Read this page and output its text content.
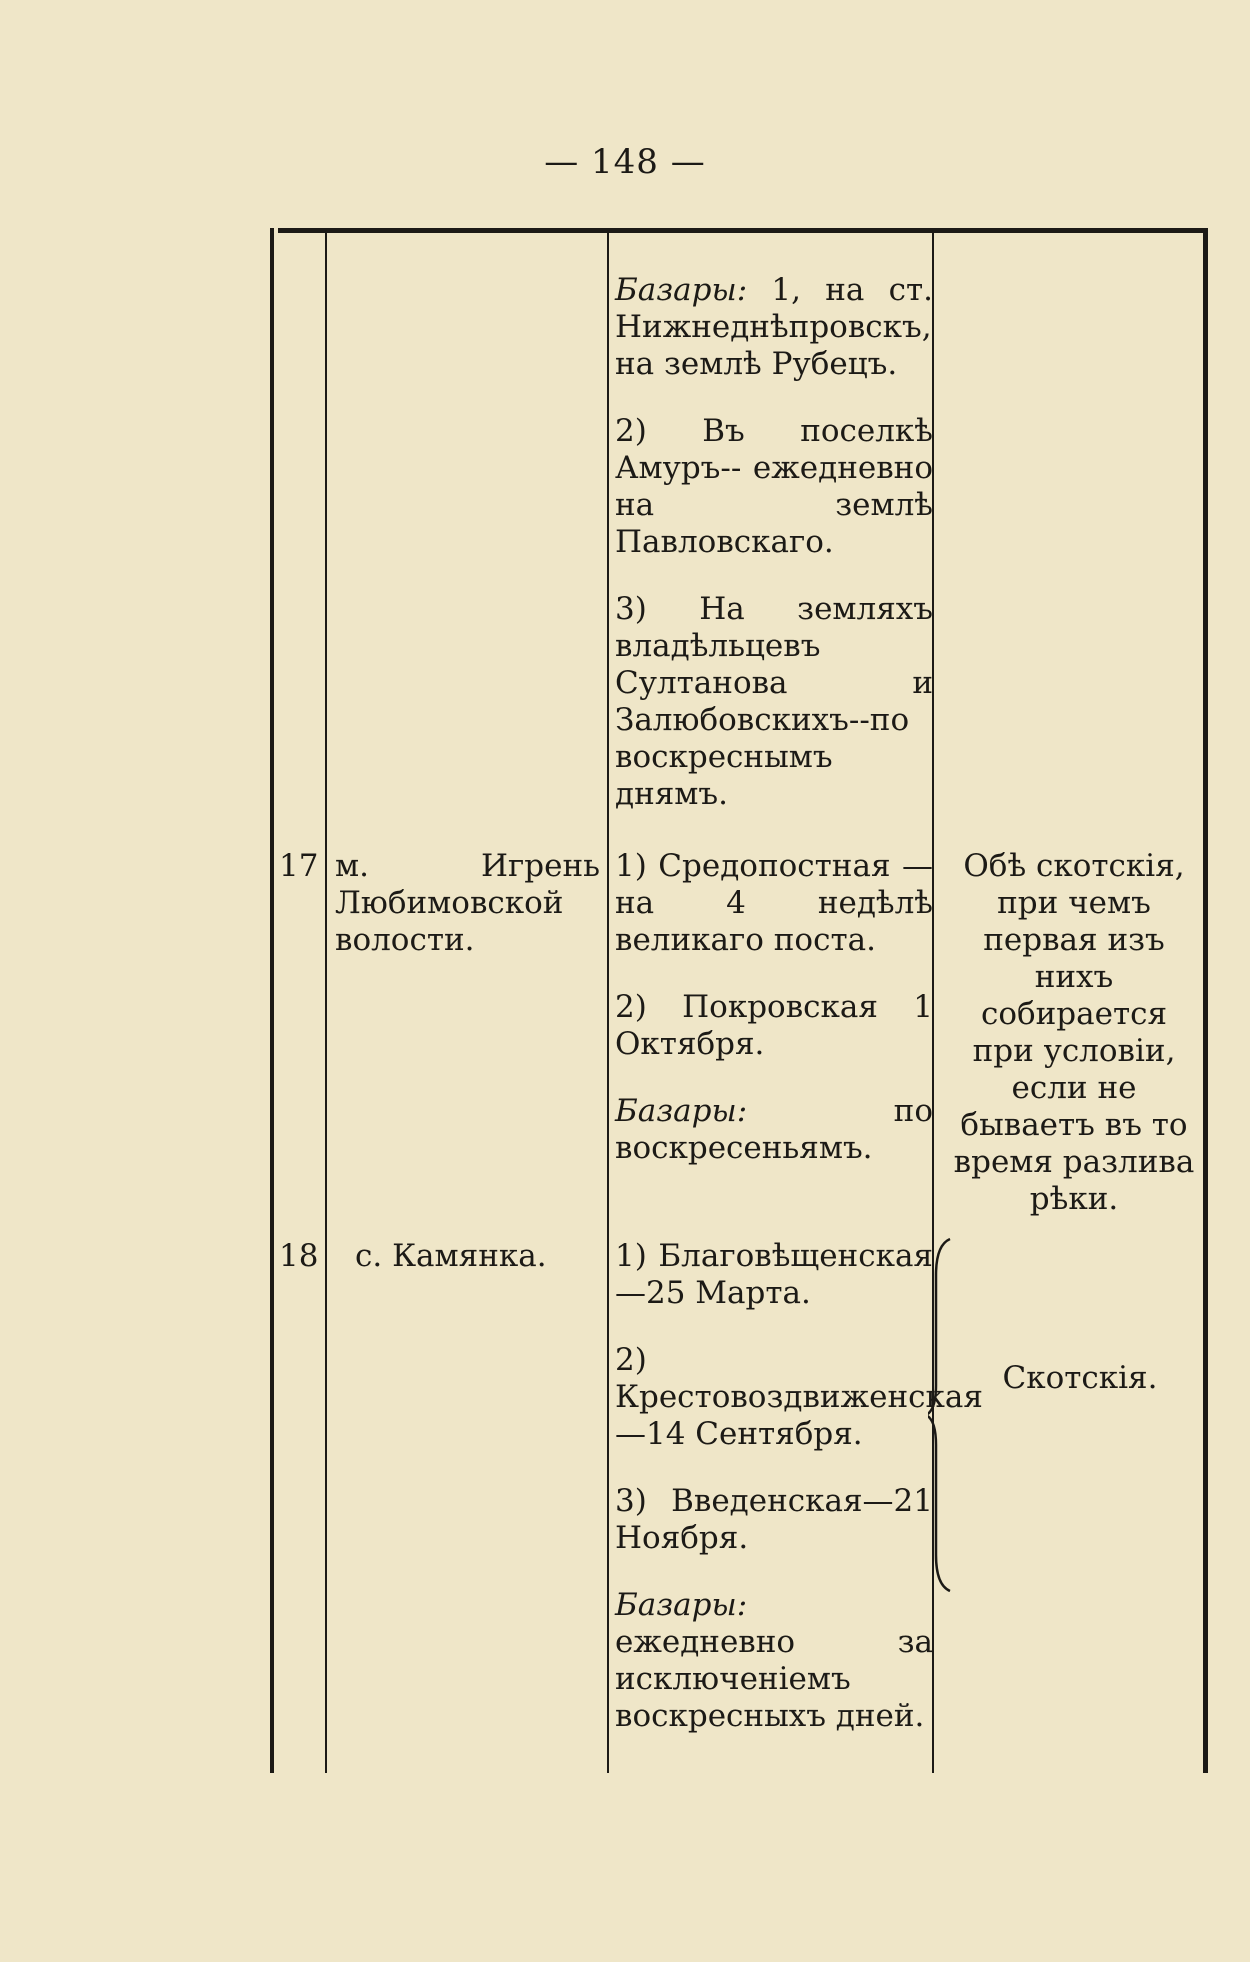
— 148 —

Базары: 1, на ст. Нижнеднѣпровскъ, на землѣ Рубецъ.

2) Въ поселкѣ Амуръ-- ежедневно на землѣ Павловскаго.

3) На земляхъ владѣльцевъ Султанова и Залюбовскихъ--по воскреснымъ днямъ.

17 м. Игрень Любимовской волости.

1) Средопостная —на 4 недѣлѣ великаго поста.

2) Покровская 1 Октября.

Базары: по воскресеньямъ.

Обѣ скотскія, при чемъ первая изъ нихъ собирается при условіи, если не бываетъ въ то время разлива рѣки.
18 с. Камянка.	1) Благовѣщенская—25 Марта.

2) Крестовоздвиженская —14 Сентября.

3) Введенская—21 Ноября.

Базары: ежедневно за исключеніемъ воскресныхъ дней.

Скотскія.
